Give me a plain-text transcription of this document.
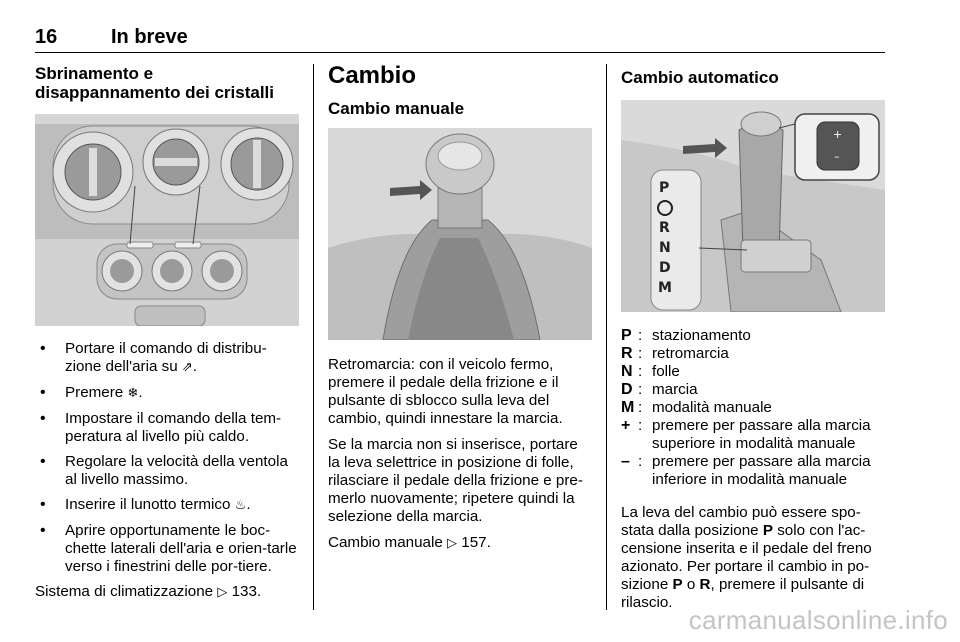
16	In breve
Sbrinamento e disappannamento dei cristalli
• Portare il comando di distribu-zione dell'aria su ⇗.
• Premere ❄.
• Impostare il comando della tem-peratura al livello più caldo.
• Regolare la velocità della ventola al livello massimo.
• Inserire il lunotto termico ♨.
• Aprire opportunamente le boc-chette laterali dell'aria e orien-tarle verso i finestrini delle por-tiere.

Sistema di climatizzazione ▷ 133.

Cambio
Cambio manuale

Retromarcia: con il veicolo fermo, premere il pedale della frizione e il pulsante di sblocco sulla leva del cambio, quindi innestare la marcia.

Se la marcia non si inserisce, portare la leva selettrice in posizione di folle, rilasciare il pedale della frizione e pre-merlo nuovamente; ripetere quindi la selezione della marcia.

Cambio manuale ▷ 157.

Cambio automatico
+
–
P
R
N
D
M
P : stazionamento
R : retromarcia
N : folle
D : marcia
M : modalità manuale
+ : premere per passare alla marcia superiore in modalità manuale
– : premere per passare alla marcia inferiore in modalità manuale

La leva del cambio può essere spo-stata dalla posizione P solo con l'ac-censione inserita e il pedale del freno azionato. Per portare il cambio in po-sizione P o R, premere il pulsante di rilascio.

carmanualsonline.info
